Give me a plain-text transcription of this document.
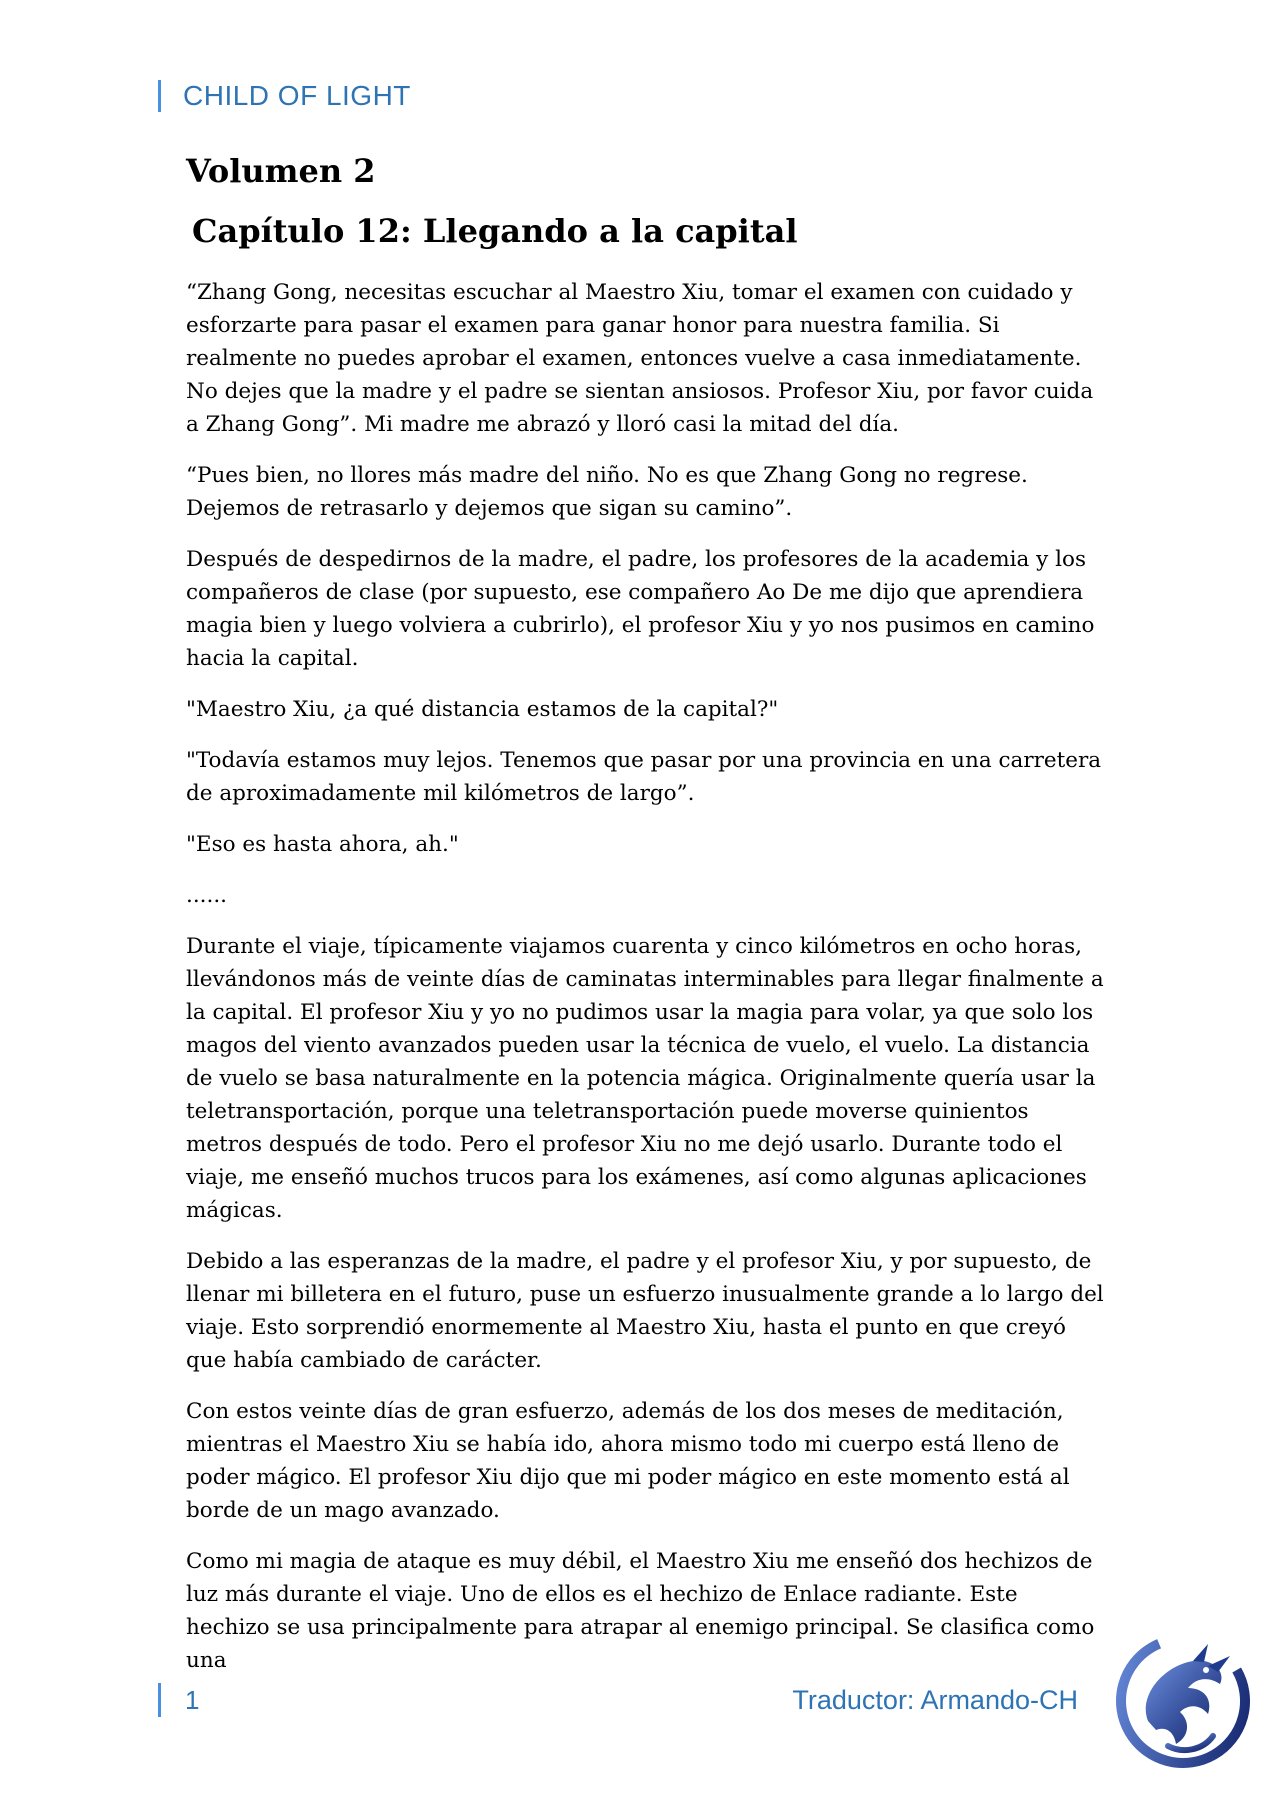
CHILD OF LIGHT
Volumen 2
Capítulo 12: Llegando a la capital

“Zhang Gong, necesitas escuchar al Maestro Xiu, tomar el examen con cuidado y esforzarte para pasar el examen para ganar honor para nuestra familia. Si realmente no puedes aprobar el examen, entonces vuelve a casa inmediatamente. No dejes que la madre y el padre se sientan ansiosos. Profesor Xiu, por favor cuida a Zhang Gong”. Mi madre me abrazó y lloró casi la mitad del día.

“Pues bien, no llores más madre del niño. No es que Zhang Gong no regrese. Dejemos de retrasarlo y dejemos que sigan su camino”.

Después de despedirnos de la madre, el padre, los profesores de la academia y los compañeros de clase (por supuesto, ese compañero Ao De me dijo que aprendiera magia bien y luego volviera a cubrirlo), el profesor Xiu y yo nos pusimos en camino hacia la capital.

"Maestro Xiu, ¿a qué distancia estamos de la capital?"

"Todavía estamos muy lejos. Tenemos que pasar por una provincia en una carretera de aproximadamente mil kilómetros de largo”.

"Eso es hasta ahora, ah."

......

Durante el viaje, típicamente viajamos cuarenta y cinco kilómetros en ocho horas, llevándonos más de veinte días de caminatas interminables para llegar finalmente a la capital. El profesor Xiu y yo no pudimos usar la magia para volar, ya que solo los magos del viento avanzados pueden usar la técnica de vuelo, el vuelo. La distancia de vuelo se basa naturalmente en la potencia mágica. Originalmente quería usar la teletransportación, porque una teletransportación puede moverse quinientos metros después de todo. Pero el profesor Xiu no me dejó usarlo. Durante todo el viaje, me enseñó muchos trucos para los exámenes, así como algunas aplicaciones mágicas.

Debido a las esperanzas de la madre, el padre y el profesor Xiu, y por supuesto, de llenar mi billetera en el futuro, puse un esfuerzo inusualmente grande a lo largo del viaje. Esto sorprendió enormemente al Maestro Xiu, hasta el punto en que creyó que había cambiado de carácter.

Con estos veinte días de gran esfuerzo, además de los dos meses de meditación, mientras el Maestro Xiu se había ido, ahora mismo todo mi cuerpo está lleno de poder mágico. El profesor Xiu dijo que mi poder mágico en este momento está al borde de un mago avanzado.

Como mi magia de ataque es muy débil, el Maestro Xiu me enseñó dos hechizos de luz más durante el viaje. Uno de ellos es el hechizo de Enlace radiante. Este hechizo se usa principalmente para atrapar al enemigo principal. Se clasifica como una

1	Traductor: Armando-CH
